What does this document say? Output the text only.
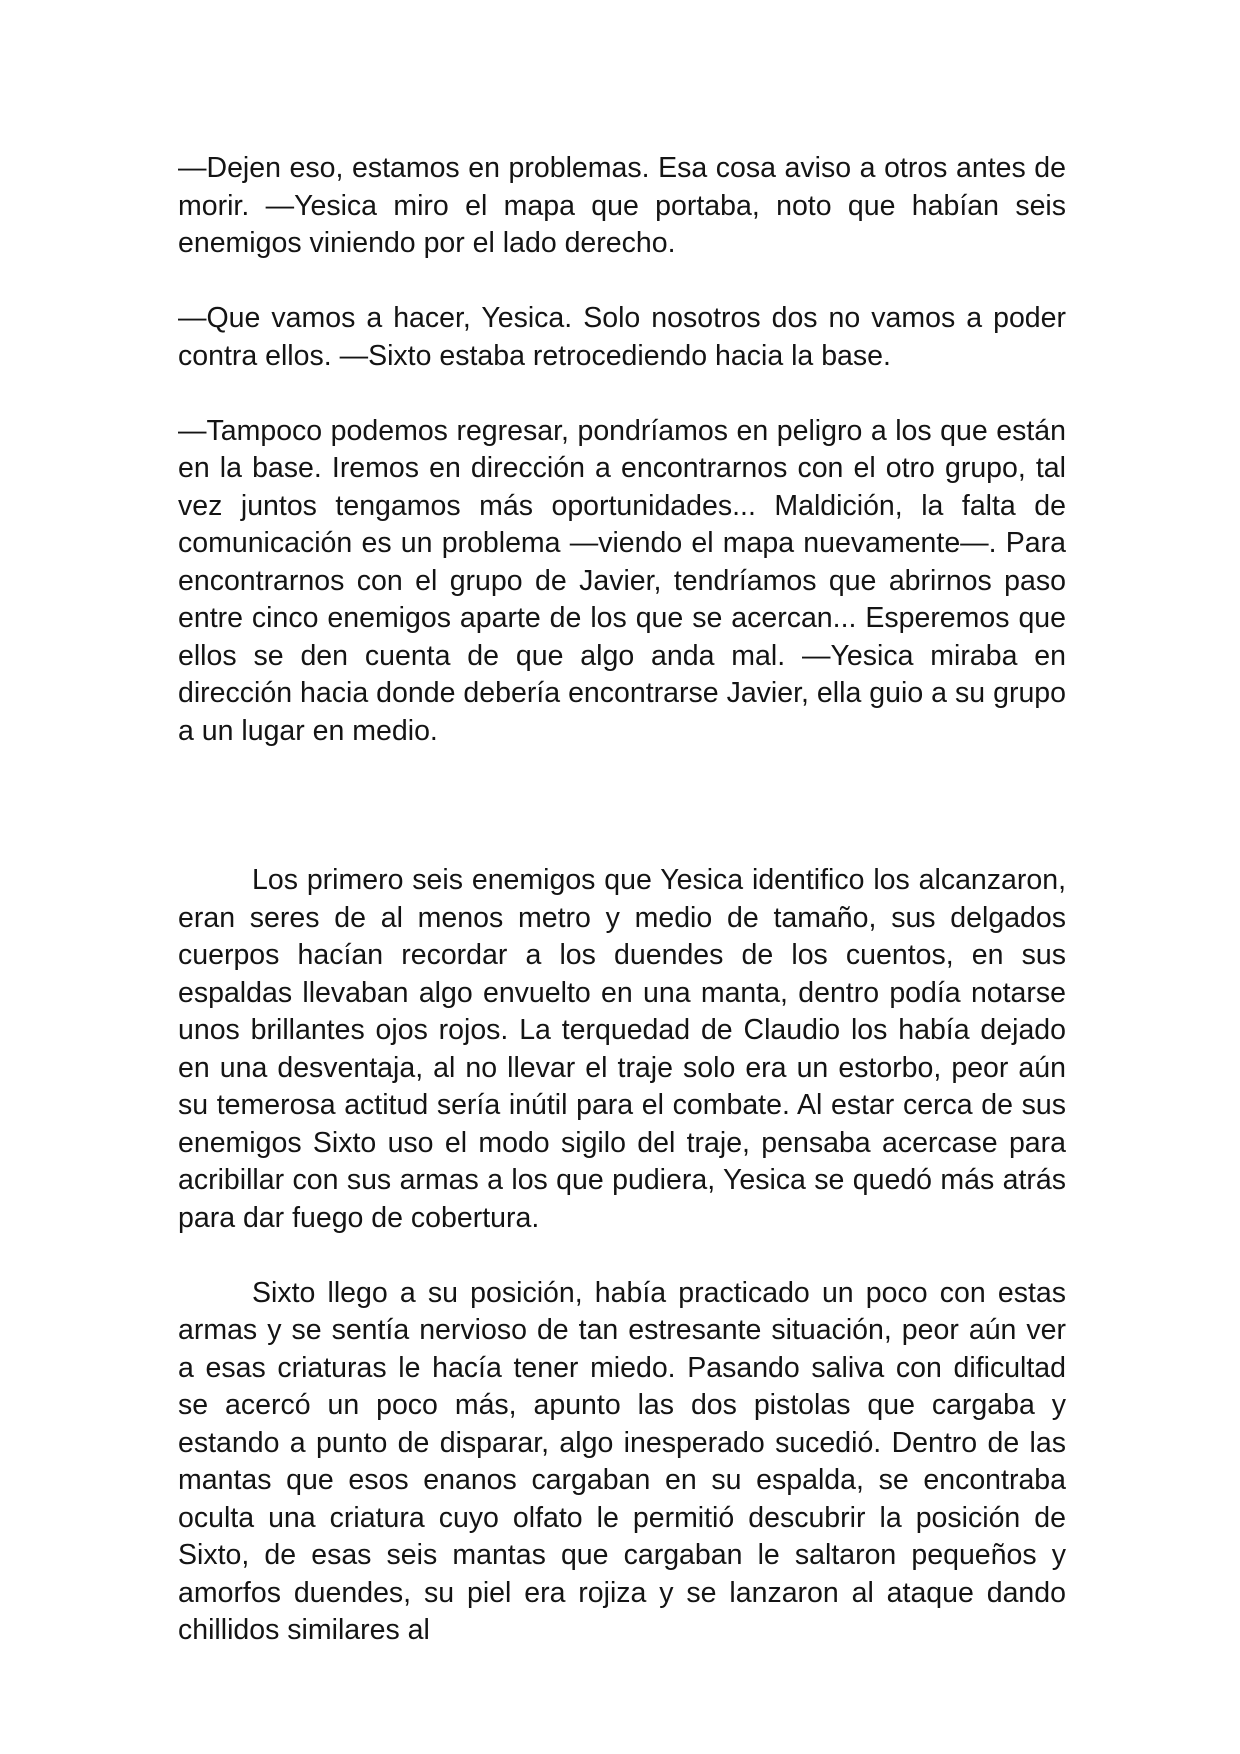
—Dejen eso, estamos en problemas. Esa cosa aviso a otros antes de morir. —Yesica miro el mapa que portaba, noto que habían seis enemigos viniendo por el lado derecho.

—Que vamos a hacer, Yesica. Solo nosotros dos no vamos a poder contra ellos. —Sixto estaba retrocediendo hacia la base.

—Tampoco podemos regresar, pondríamos en peligro a los que están en la base. Iremos en dirección a encontrarnos con el otro grupo, tal vez juntos tengamos más oportunidades... Maldición, la falta de comunicación es un problema —viendo el mapa nuevamente—. Para encontrarnos con el grupo de Javier, tendríamos que abrirnos paso entre cinco enemigos aparte de los que se acercan... Esperemos que ellos se den cuenta de que algo anda mal. —Yesica miraba en dirección hacia donde debería encontrarse Javier, ella guio a su grupo a un lugar en medio.

Los primero seis enemigos que Yesica identifico los alcanzaron, eran seres de al menos metro y medio de tamaño, sus delgados cuerpos hacían recordar a los duendes de los cuentos, en sus espaldas llevaban algo envuelto en una manta, dentro podía notarse unos brillantes ojos rojos. La terquedad de Claudio los había dejado en una desventaja, al no llevar el traje solo era un estorbo, peor aún su temerosa actitud sería inútil para el combate. Al estar cerca de sus enemigos Sixto uso el modo sigilo del traje, pensaba acercase para acribillar con sus armas a los que pudiera, Yesica se quedó más atrás para dar fuego de cobertura.

Sixto llego a su posición, había practicado un poco con estas armas y se sentía nervioso de tan estresante situación, peor aún ver a esas criaturas le hacía tener miedo. Pasando saliva con dificultad se acercó un poco más, apunto las dos pistolas que cargaba y estando a punto de disparar, algo inesperado sucedió. Dentro de las mantas que esos enanos cargaban en su espalda, se encontraba oculta una criatura cuyo olfato le permitió descubrir la posición de Sixto, de esas seis mantas que cargaban le saltaron pequeños y amorfos duendes, su piel era rojiza y se lanzaron al ataque dando chillidos similares al
